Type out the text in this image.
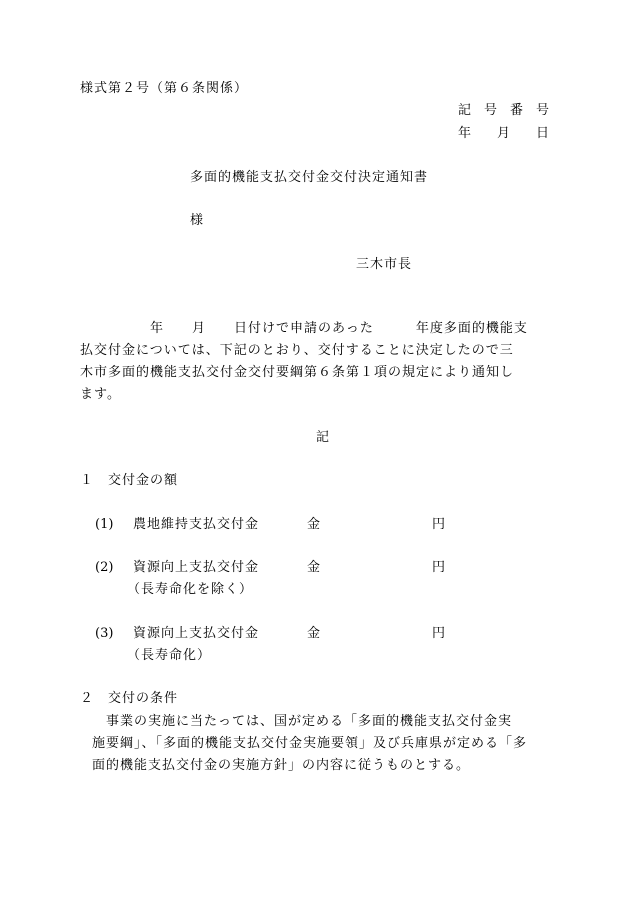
様式第２号（第６条関係）
記　号　番　号
年　　月　　日
多面的機能支払交付金交付決定通知書
様
三木市長
　　　　　年　　月　　日付けで申請のあった　　　年度多面的機能支
払交付金については、下記のとおり、交付することに決定したので三
木市多面的機能支払交付金交付要綱第６条第１項の規定により通知し
ます。
記
１　交付金の額
(1) 農地維持支払交付金	金	円
(2) 資源向上支払交付金	金	円
（長寿命化を除く）
(3) 資源向上支払交付金	金	円
（長寿命化）
２　交付の条件
　事業の実施に当たっては、国が定める「多面的機能支払交付金実
施要綱」、「多面的機能支払交付金実施要領」及び兵庫県が定める「多
面的機能支払交付金の実施方針」の内容に従うものとする。
